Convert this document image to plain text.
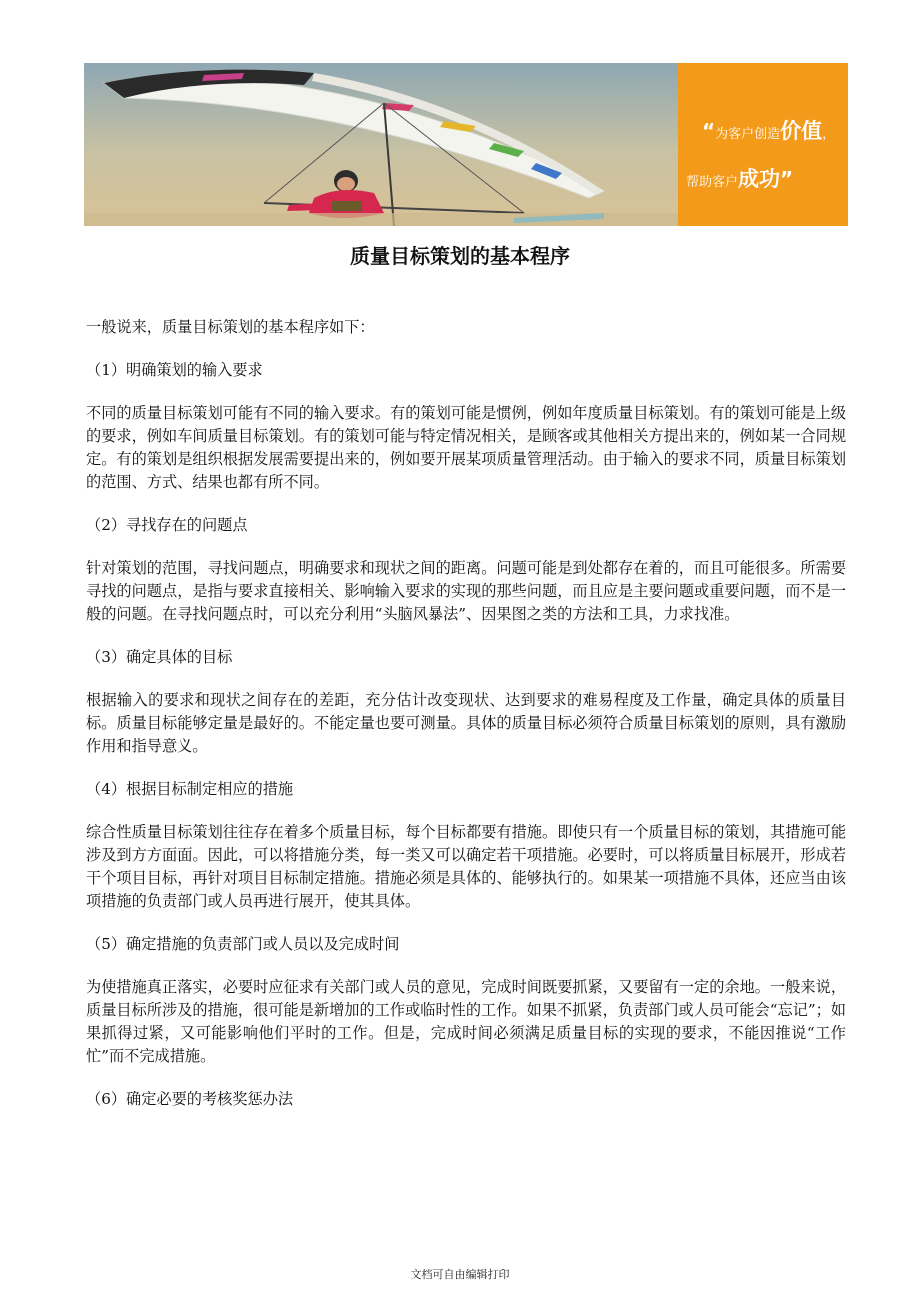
“为客户创造价值，
帮助客户成功”
质量目标策划的基本程序

一般说来，质量目标策划的基本程序如下：

（1）明确策划的输入要求

不同的质量目标策划可能有不同的输入要求。有的策划可能是惯例，例如年度质量目标策划。有的策划可能是上级的要求，例如车间质量目标策划。有的策划可能与特定情况相关，是顾客或其他相关方提出来的，例如某一合同规定。有的策划是组织根据发展需要提出来的，例如要开展某项质量管理活动。由于输入的要求不同，质量目标策划的范围、方式、结果也都有所不同。

（2）寻找存在的问题点

针对策划的范围，寻找问题点，明确要求和现状之间的距离。问题可能是到处都存在着的，而且可能很多。所需要寻找的问题点，是指与要求直接相关、影响输入要求的实现的那些问题，而且应是主要问题或重要问题，而不是一般的问题。在寻找问题点时，可以充分利用“头脑风暴法”、因果图之类的方法和工具，力求找准。

（3）确定具体的目标

根据输入的要求和现状之间存在的差距，充分估计改变现状、达到要求的难易程度及工作量，确定具体的质量目标。质量目标能够定量是最好的。不能定量也要可测量。具体的质量目标必须符合质量目标策划的原则，具有激励作用和指导意义。

（4）根据目标制定相应的措施

综合性质量目标策划往往存在着多个质量目标，每个目标都要有措施。即使只有一个质量目标的策划，其措施可能涉及到方方面面。因此，可以将措施分类，每一类又可以确定若干项措施。必要时，可以将质量目标展开，形成若干个项目目标，再针对项目目标制定措施。措施必须是具体的、能够执行的。如果某一项措施不具体，还应当由该项措施的负责部门或人员再进行展开，使其具体。

（5）确定措施的负责部门或人员以及完成时间

为使措施真正落实，必要时应征求有关部门或人员的意见，完成时间既要抓紧，又要留有一定的余地。一般来说，质量目标所涉及的措施，很可能是新增加的工作或临时性的工作。如果不抓紧，负责部门或人员可能会“忘记”；如果抓得过紧，又可能影响他们平时的工作。但是，完成时间必须满足质量目标的实现的要求，不能因推说“工作忙”而不完成措施。

（6）确定必要的考核奖惩办法

文档可自由编辑打印
